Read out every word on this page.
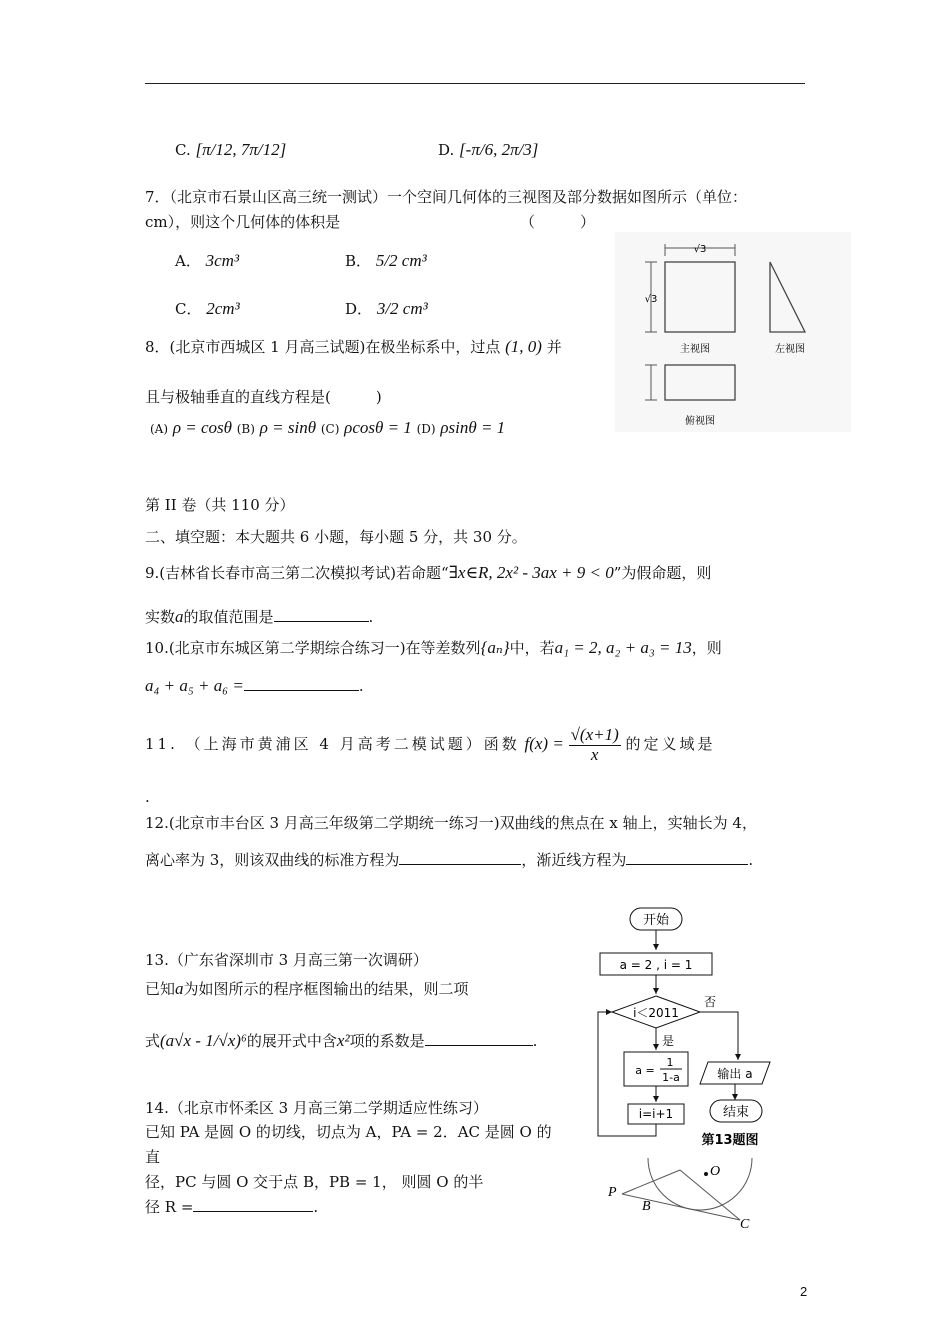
C. [π/12, 7π/12]	D. [-π/6, 2π/3]
7．（北京市石景山区高三统一测试）一个空间几何体的三视图及部分数据如图所示（单位：
cm），则这个几何体的体积是	（　　　）
A． 3cm³	B． 5/2 cm³
C． 2cm³	D． 3/2 cm³
√3
√3
主视图	左视图
俯视图
8．(北京市西城区 1 月高三试题)在极坐标系中，过点 (1, 0) 并
且与极轴垂直的直线方程是(　　　)
(A) ρ = cosθ (B) ρ = sinθ (C) ρcosθ = 1 (D) ρsinθ = 1
第 II 卷（共 110 分）
二、填空题：本大题共 6 小题，每小题 5 分，共 30 分。
9.(吉林省长春市高三第二次模拟考试)若命题“∃x∈R, 2x² - 3ax + 9 < 0”为假命题，则
实数a的取值范围是	.
10.(北京市东城区第二学期综合练习一)在等差数列{aₙ}中，若a₁ = 2, a₂ + a₃ = 13，则
a₄ + a₅ + a₆ =	.
11. （上海市黄浦区 4 月高考二模试题）函数 $f(x) = \frac{√(x+1)}{x}$ 的定义域是
.
12.(北京市丰台区 3 月高三年级第二学期统一练习一)双曲线的焦点在 x 轴上，实轴长为 4，
离心率为 3，则该双曲线的标准方程为	，渐近线方程为	.
13.（广东省深圳市 3 月高三第一次调研）
已知a为如图所示的程序框图输出的结果，则二项
式(a√x - 1/√x)⁶的展开式中含x²项的系数是	.
开始
a = 2 , i = 1
i＜2011
否
是
a =
1
1-a
i=i+1
输出 a
结束
第13题图
14.（北京市怀柔区 3 月高三第二学期适应性练习）
已知 PA 是圆 O 的切线，切点为 A，PA = 2．AC 是圆 O 的
直
径，PC 与圆 O 交于点 B，PB = 1， 则圆 O 的半
径 R =	.
P
B
O
C
2
